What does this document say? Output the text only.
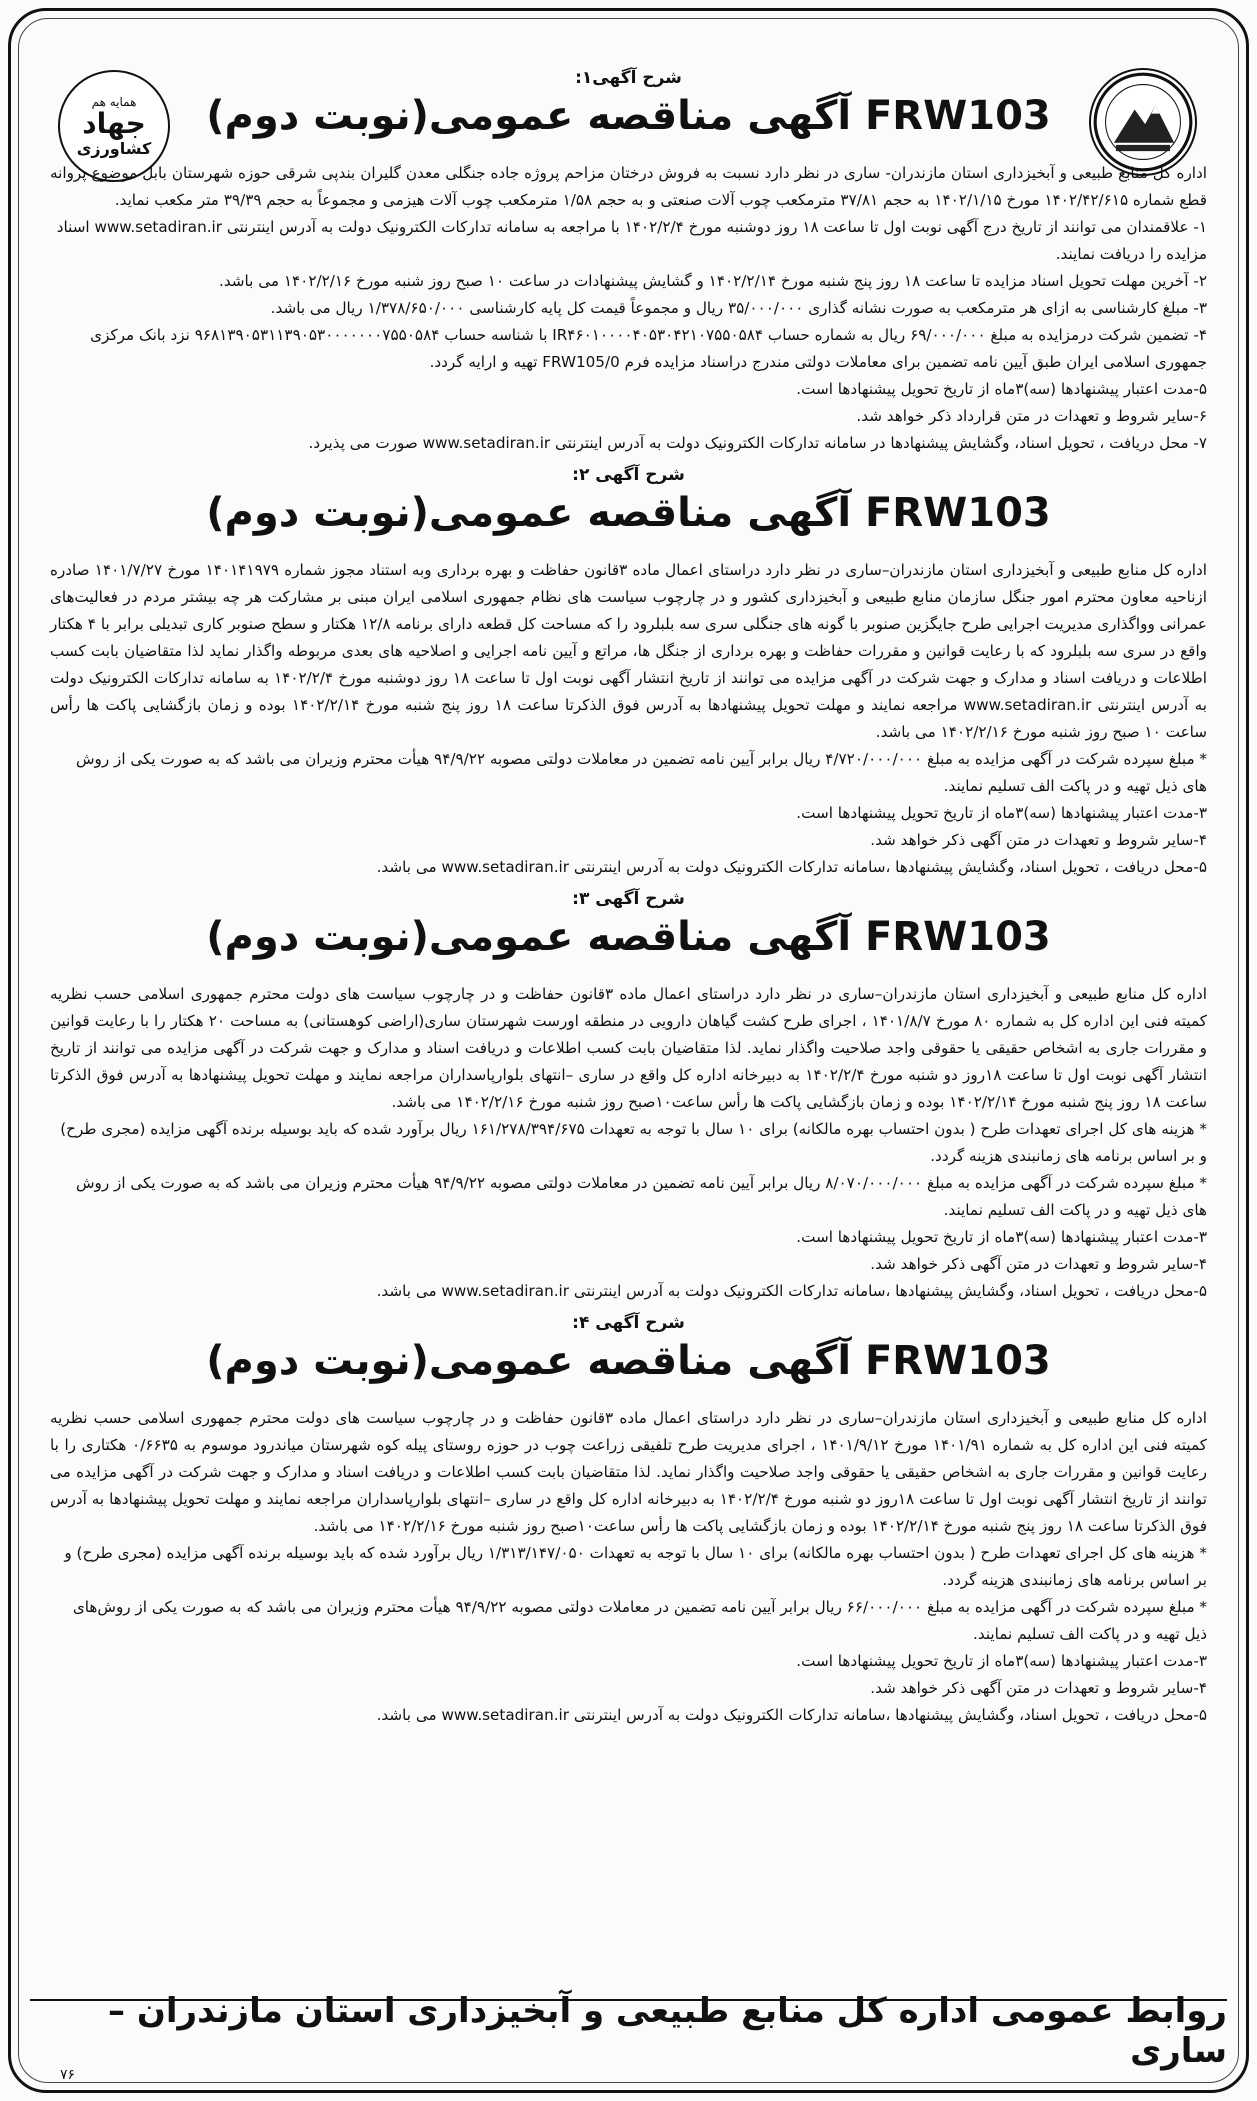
همایه هم
جهاد
کشاورزی
شرح آگهی۱:
FRW103 آگهی مناقصه عمومی(نوبت دوم)

اداره کل منابع طبیعی و آبخیزداری استان مازندران- ساری در نظر دارد نسبت به فروش درختان مزاحم پروژه جاده جنگلی معدن گلیران بندپی شرقی حوزه شهرستان بابل موضوع پروانه قطع شماره ۱۴۰۲/۴۲/۶۱۵ مورخ ۱۴۰۲/۱/۱۵ به حجم ۳۷/۸۱ مترمکعب چوب آلات صنعتی و به حجم ۱/۵۸ مترمکعب چوب آلات هیزمی و مجموعاً به حجم ۳۹/۳۹ متر مکعب نماید.

۱- علاقمندان می توانند از تاریخ درج آگهی نوبت اول تا ساعت ۱۸ روز دوشنبه مورخ ۱۴۰۲/۲/۴ با مراجعه به سامانه تدارکات الکترونیک دولت به آدرس اینترنتی www.setadiran.ir اسناد مزایده را دریافت نمایند.

۲- آخرین مهلت تحویل اسناد مزایده تا ساعت ۱۸ روز پنج شنبه مورخ ۱۴۰۲/۲/۱۴ و گشایش پیشنهادات در ساعت ۱۰ صبح روز شنبه مورخ ۱۴۰۲/۲/۱۶ می باشد.

۳- مبلغ کارشناسی به ازای هر مترمکعب به صورت نشانه گذاری ۳۵/۰۰۰/۰۰۰ ریال و مجموعاً قیمت کل پایه کارشناسی ۱/۳۷۸/۶۵۰/۰۰۰ ریال می باشد.

۴- تضمین شرکت درمزایده به مبلغ ۶۹/۰۰۰/۰۰۰ ریال به شماره حساب IR۴۶۰۱۰۰۰۰۴۰۵۳۰۴۲۱۰۷۵۵۰۵۸۴ با شناسه حساب ۹۶۸۱۳۹۰۵۳۱۱۳۹۰۵۳۰۰۰۰۰۰۰۷۵۵۰۵۸۴ نزد بانک مرکزی جمهوری اسلامی ایران طبق آیین نامه تضمین برای معاملات دولتی مندرج دراسناد مزایده فرم FRW105/0 تهیه و ارایه گردد.

۵-مدت اعتبار پیشنهادها (سه)۳ماه از تاریخ تحویل پیشنهادها است.

۶-سایر شروط و تعهدات در متن قرارداد ذکر خواهد شد.

۷- محل دریافت ، تحویل اسناد، وگشایش پیشنهادها در سامانه تدارکات الکترونیک دولت به آدرس اینترنتی www.setadiran.ir صورت می پذیرد.

شرح آگهی ۲:
FRW103 آگهی مناقصه عمومی(نوبت دوم)

اداره کل منابع طبیعی و آبخیزداری استان مازندران–ساری در نظر دارد دراستای اعمال ماده ۳قانون حفاظت و بهره برداری وبه استناد مجوز شماره ۱۴۰۱۴۱۹۷۹ مورخ ۱۴۰۱/۷/۲۷ صادره ازناحیه معاون محترم امور جنگل سازمان منابع طبیعی و آبخیزداری کشور و در چارچوب سیاست های نظام جمهوری اسلامی ایران مبنی بر مشارکت هر چه بیشتر مردم در فعالیت‌های عمرانی وواگذاری مدیریت اجرایی طرح جایگزین صنوبر با گونه های جنگلی سری سه بلبلرود را که مساحت کل قطعه دارای برنامه ۱۲/۸ هکتار و سطح صنوبر کاری تبدیلی برابر با ۴ هکتار واقع در سری سه بلبلرود که با رعایت قوانین و مقررات حفاظت و بهره برداری از جنگل ها، مراتع و آیین نامه اجرایی و اصلاحیه های بعدی مربوطه واگذار نماید لذا متقاضیان بابت کسب اطلاعات و دریافت اسناد و مدارک و جهت شرکت در آگهی مزایده می توانند از تاریخ انتشار آگهی نوبت اول تا ساعت ۱۸ روز دوشنبه مورخ ۱۴۰۲/۲/۴ به سامانه تدارکات الکترونیک دولت به آدرس اینترنتی www.setadiran.ir مراجعه نمایند و مهلت تحویل پیشنهادها به آدرس فوق الذکرتا ساعت ۱۸ روز پنج شنبه مورخ ۱۴۰۲/۲/۱۴ بوده و زمان بازگشایی پاکت ها رأس ساعت ۱۰ صبح روز شنبه مورخ ۱۴۰۲/۲/۱۶ می باشد.

* مبلغ سپرده شرکت در آگهی مزایده به مبلغ ۴/۷۲۰/۰۰۰/۰۰۰ ریال برابر آیین نامه تضمین در معاملات دولتی مصوبه ۹۴/۹/۲۲ هیأت محترم وزیران می باشد که به صورت یکی از روش های ذیل تهیه و در پاکت الف تسلیم نمایند.

۳-مدت اعتبار پیشنهادها (سه)۳ماه از تاریخ تحویل پیشنهادها است.

۴-سایر شروط و تعهدات در متن آگهی ذکر خواهد شد.

۵-محل دریافت ، تحویل اسناد، وگشایش پیشنهادها ،سامانه تدارکات الکترونیک دولت به آدرس اینترنتی www.setadiran.ir می باشد.

شرح آگهی ۳:
FRW103 آگهی مناقصه عمومی(نوبت دوم)

اداره کل منابع طبیعی و آبخیزداری استان مازندران–ساری در نظر دارد دراستای اعمال ماده ۳قانون حفاظت و در چارچوب سیاست های دولت محترم جمهوری اسلامی حسب نظریه کمیته فنی این اداره کل به شماره ۸۰ مورخ ۱۴۰۱/۸/۷ ، اجرای طرح کشت گیاهان دارویی در منطقه اورست شهرستان ساری(اراضی کوهستانی) به مساحت ۲۰ هکتار را با رعایت قوانین و مقررات جاری به اشخاص حقیقی یا حقوقی واجد صلاحیت واگذار نماید. لذا متقاضیان بابت کسب اطلاعات و دریافت اسناد و مدارک و جهت شرکت در آگهی مزایده می توانند از تاریخ انتشار آگهی نوبت اول تا ساعت ۱۸روز دو شنبه مورخ ۱۴۰۲/۲/۴ به دبیرخانه اداره کل واقع در ساری –انتهای بلوارپاسداران مراجعه نمایند و مهلت تحویل پیشنهادها به آدرس فوق الذکرتا ساعت ۱۸ روز پنج شنبه مورخ ۱۴۰۲/۲/۱۴ بوده و زمان بازگشایی پاکت ها رأس ساعت۱۰صبح روز شنبه مورخ ۱۴۰۲/۲/۱۶ می باشد.

* هزینه های کل اجرای تعهدات طرح ( بدون احتساب بهره مالکانه) برای ۱۰ سال با توجه به تعهدات ۱۶۱/۲۷۸/۳۹۴/۶۷۵ ریال برآورد شده که باید بوسیله برنده آگهی مزایده (مجری طرح) و بر اساس برنامه های زمانبندی هزینه گردد.

* مبلغ سپرده شرکت در آگهی مزایده به مبلغ ۸/۰۷۰/۰۰۰/۰۰۰ ریال برابر آیین نامه تضمین در معاملات دولتی مصوبه ۹۴/۹/۲۲ هیأت محترم وزیران می باشد که به صورت یکی از روش های ذیل تهیه و در پاکت الف تسلیم نمایند.

۳-مدت اعتبار پیشنهادها (سه)۳ماه از تاریخ تحویل پیشنهادها است.

۴-سایر شروط و تعهدات در متن آگهی ذکر خواهد شد.

۵-محل دریافت ، تحویل اسناد، وگشایش پیشنهادها ،سامانه تدارکات الکترونیک دولت به آدرس اینترنتی www.setadiran.ir می باشد.

شرح آگهی ۴:
FRW103 آگهی مناقصه عمومی(نوبت دوم)

اداره کل منابع طبیعی و آبخیزداری استان مازندران–ساری در نظر دارد دراستای اعمال ماده ۳قانون حفاظت و در چارچوب سیاست های دولت محترم جمهوری اسلامی حسب نظریه کمیته فنی این اداره کل به شماره ۱۴۰۱/۹۱ مورخ ۱۴۰۱/۹/۱۲ ، اجرای مدیریت طرح تلفیقی زراعت چوب در حوزه روستای پیله کوه شهرستان میاندرود موسوم به ۰/۶۶۳۵ هکتاری را با رعایت قوانین و مقررات جاری به اشخاص حقیقی یا حقوقی واجد صلاحیت واگذار نماید. لذا متقاضیان بابت کسب اطلاعات و دریافت اسناد و مدارک و جهت شرکت در آگهی مزایده می توانند از تاریخ انتشار آگهی نوبت اول تا ساعت ۱۸روز دو شنبه مورخ ۱۴۰۲/۲/۴ به دبیرخانه اداره کل واقع در ساری –انتهای بلوارپاسداران مراجعه نمایند و مهلت تحویل پیشنهادها به آدرس فوق الذکرتا ساعت ۱۸ روز پنج شنبه مورخ ۱۴۰۲/۲/۱۴ بوده و زمان بازگشایی پاکت ها رأس ساعت۱۰صبح روز شنبه مورخ ۱۴۰۲/۲/۱۶ می باشد.

* هزینه های کل اجرای تعهدات طرح ( بدون احتساب بهره مالکانه) برای ۱۰ سال با توجه به تعهدات ۱/۳۱۳/۱۴۷/۰۵۰ ریال برآورد شده که باید بوسیله برنده آگهی مزایده (مجری طرح) و بر اساس برنامه های زمانبندی هزینه گردد.

* مبلغ سپرده شرکت در آگهی مزایده به مبلغ ۶۶/۰۰۰/۰۰۰ ریال برابر آیین نامه تضمین در معاملات دولتی مصوبه ۹۴/۹/۲۲ هیأت محترم وزیران می باشد که به صورت یکی از روش‌های ذیل تهیه و در پاکت الف تسلیم نمایند.

۳-مدت اعتبار پیشنهادها (سه)۳ماه از تاریخ تحویل پیشنهادها است.

۴-سایر شروط و تعهدات در متن آگهی ذکر خواهد شد.

۵-محل دریافت ، تحویل اسناد، وگشایش پیشنهادها ،سامانه تدارکات الکترونیک دولت به آدرس اینترنتی www.setadiran.ir می باشد.

روابط عمومی اداره کل منابع طبیعی و آبخیزداری استان مازندران – ساری
۷۶
